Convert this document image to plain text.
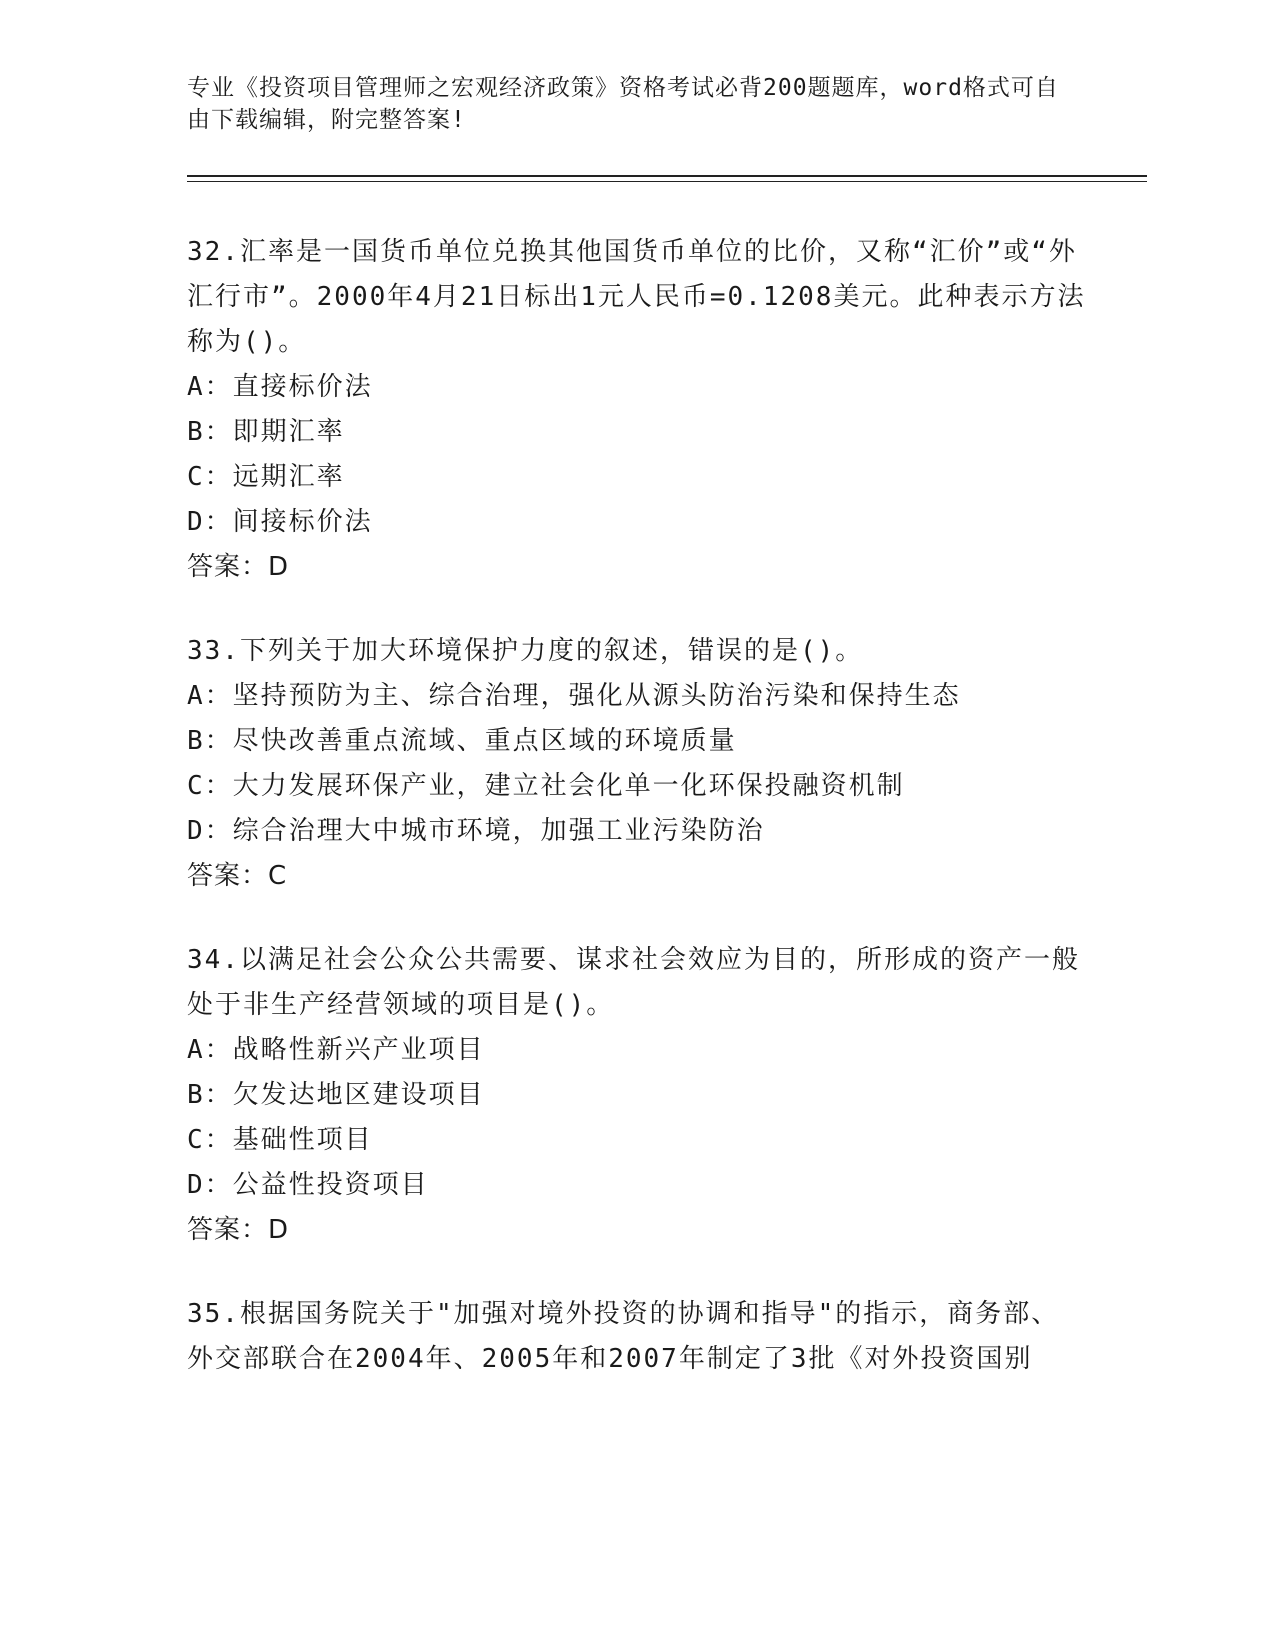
专业《投资项目管理师之宏观经济政策》资格考试必背200题题库，word格式可自由下载编辑，附完整答案!

32.汇率是一国货币单位兑换其他国货币单位的比价，又称“汇价”或“外汇行市”。2000年4月21日标出1元人民币=0.1208美元。此种表示方法称为()。

A：直接标价法

B：即期汇率

C：远期汇率

D：间接标价法

答案：D

33.下列关于加大环境保护力度的叙述，错误的是()。

A：坚持预防为主、综合治理，强化从源头防治污染和保持生态

B：尽快改善重点流域、重点区域的环境质量

C：大力发展环保产业，建立社会化单一化环保投融资机制

D：综合治理大中城市环境，加强工业污染防治

答案：C

34.以满足社会公众公共需要、谋求社会效应为目的，所形成的资产一般处于非生产经营领域的项目是()。

A：战略性新兴产业项目

B：欠发达地区建设项目

C：基础性项目

D：公益性投资项目

答案：D

35.根据国务院关于"加强对境外投资的协调和指导"的指示，商务部、外交部联合在2004年、2005年和2007年制定了3批《对外投资国别
